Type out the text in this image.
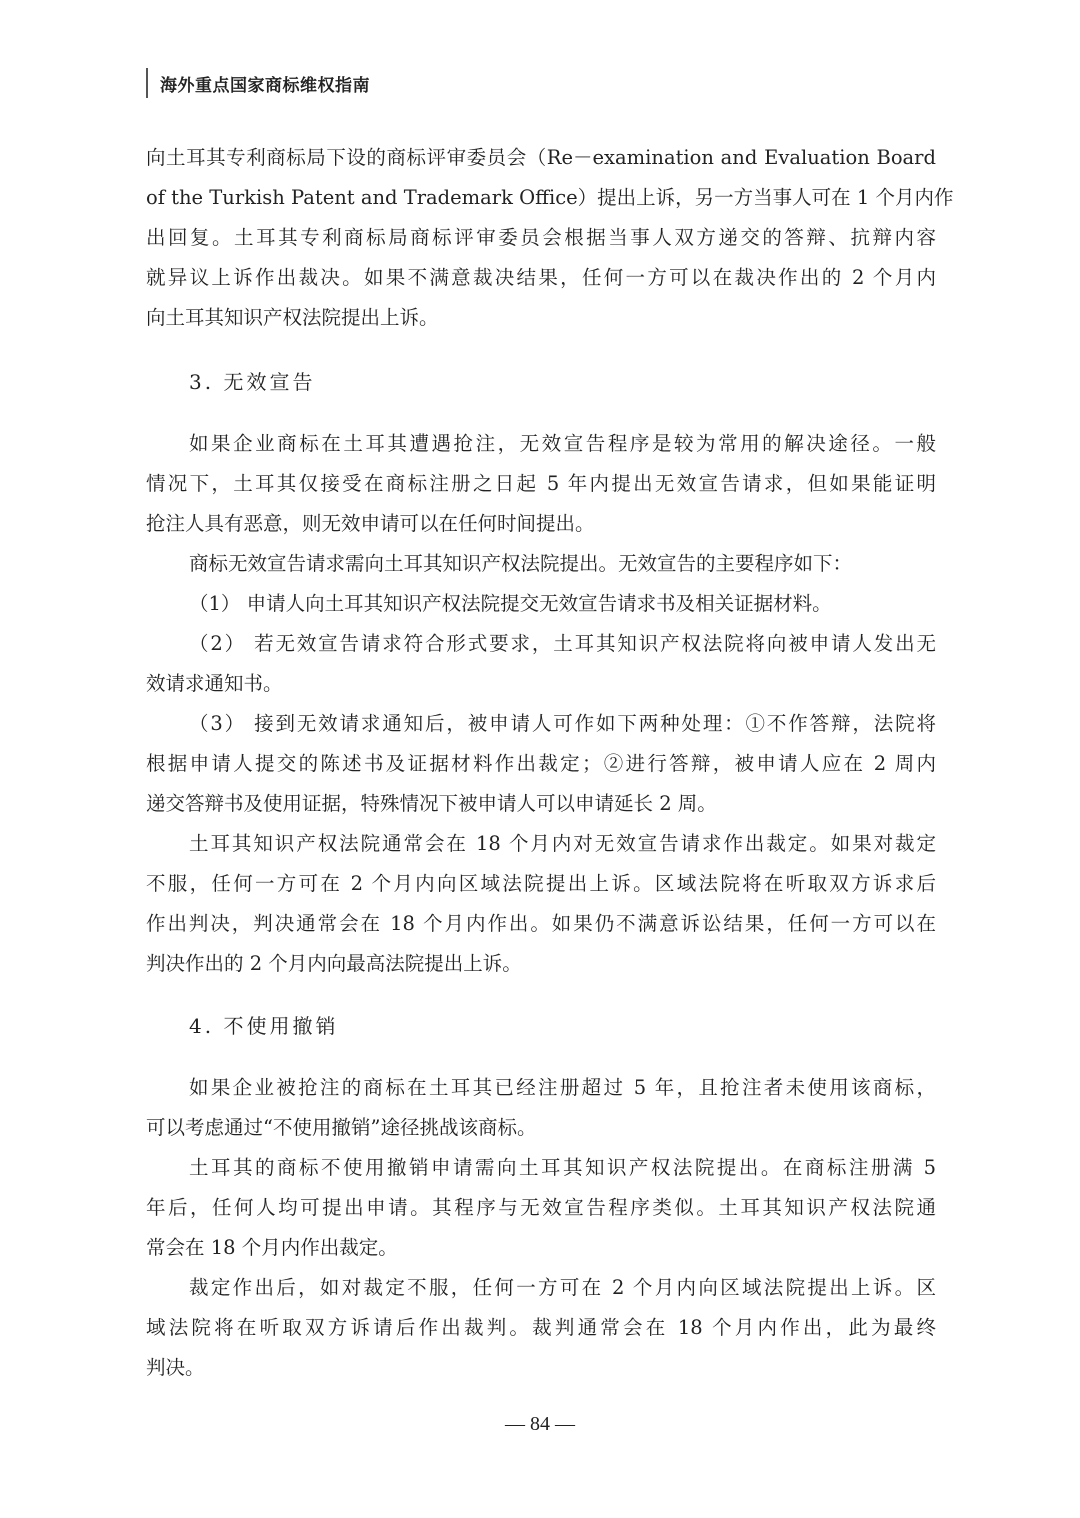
海外重点国家商标维权指南
向土耳其专利商标局下设的商标评审委员会（Re－examination and Evaluation Board
of the Turkish Patent and Trademark Office）提出上诉，另一方当事人可在 1 个月内作
出回复。土耳其专利商标局商标评审委员会根据当事人双方递交的答辩、抗辩内容
就异议上诉作出裁决。如果不满意裁决结果，任何一方可以在裁决作出的 2 个月内
向土耳其知识产权法院提出上诉。
3. 无效宣告
如果企业商标在土耳其遭遇抢注，无效宣告程序是较为常用的解决途径。一般
情况下，土耳其仅接受在商标注册之日起 5 年内提出无效宣告请求，但如果能证明
抢注人具有恶意，则无效申请可以在任何时间提出。
商标无效宣告请求需向土耳其知识产权法院提出。无效宣告的主要程序如下：
（1） 申请人向土耳其知识产权法院提交无效宣告请求书及相关证据材料。
（2） 若无效宣告请求符合形式要求，土耳其知识产权法院将向被申请人发出无
效请求通知书。
（3） 接到无效请求通知后，被申请人可作如下两种处理：①不作答辩，法院将
根据申请人提交的陈述书及证据材料作出裁定；②进行答辩，被申请人应在 2 周内
递交答辩书及使用证据，特殊情况下被申请人可以申请延长 2 周。
土耳其知识产权法院通常会在 18 个月内对无效宣告请求作出裁定。如果对裁定
不服，任何一方可在 2 个月内向区域法院提出上诉。区域法院将在听取双方诉求后
作出判决，判决通常会在 18 个月内作出。如果仍不满意诉讼结果，任何一方可以在
判决作出的 2 个月内向最高法院提出上诉。
4. 不使用撤销
如果企业被抢注的商标在土耳其已经注册超过 5 年，且抢注者未使用该商标，
可以考虑通过“不使用撤销”途径挑战该商标。
土耳其的商标不使用撤销申请需向土耳其知识产权法院提出。在商标注册满 5
年后，任何人均可提出申请。其程序与无效宣告程序类似。土耳其知识产权法院通
常会在 18 个月内作出裁定。
裁定作出后，如对裁定不服，任何一方可在 2 个月内向区域法院提出上诉。区
域法院将在听取双方诉请后作出裁判。裁判通常会在 18 个月内作出，此为最终
判决。
— 84 —
